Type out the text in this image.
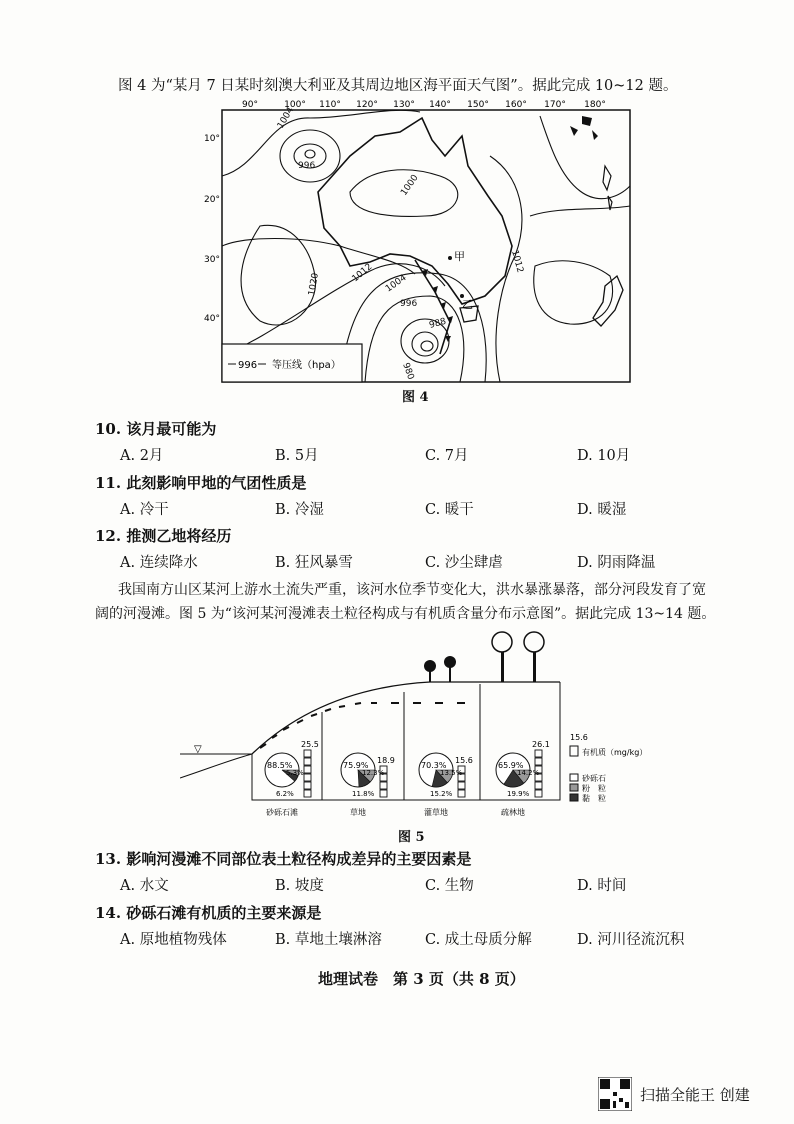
图 4 为“某月 7 日某时刻澳大利亚及其周边地区海平面天气图”。据此完成 10~12 题。
90°	100° 110° 120° 130° 140° 150° 160° 170° 180°
10°
20°
30°
40°
1004
996
1000
1020	1012 1004
996
988
980
1012
甲
乙
996 等压线（hpa）
图 4
10. 该月最可能为
A. 2月	B. 5月	C. 7月	D. 10月
11. 此刻影响甲地的气团性质是
A. 冷干	B. 冷湿	C. 暖干	D. 暖湿
12. 推测乙地将经历
A. 连续降水	B. 狂风暴雪	C. 沙尘肆虐	D. 阴雨降温
我国南方山区某河上游水土流失严重，该河水位季节变化大，洪水暴涨暴落，部分河段发育了宽
阔的河漫滩。图 5 为“该河某河漫滩表土粒径构成与有机质含量分布示意图”。据此完成 13~14 题。
▽
88.5%
5.3%
6.2%
25.5
砂砾石滩
75.9%
12.3%
11.8%
18.9
草地
70.3%
13.5%
15.2%
15.6
灌草地
65.9%
14.2%
19.9%
26.1
疏林地
15.6
有机质（mg/kg）
砂砾石
粉　粒
黏　粒
图 5
13. 影响河漫滩不同部位表土粒径构成差异的主要因素是
A. 水文	B. 坡度	C. 生物	D. 时间
14. 砂砾石滩有机质的主要来源是
A. 原地植物残体	B. 草地土壤淋溶	C. 成土母质分解	D. 河川径流沉积
地理试卷　第 3 页（共 8 页）
扫描全能王 创建
